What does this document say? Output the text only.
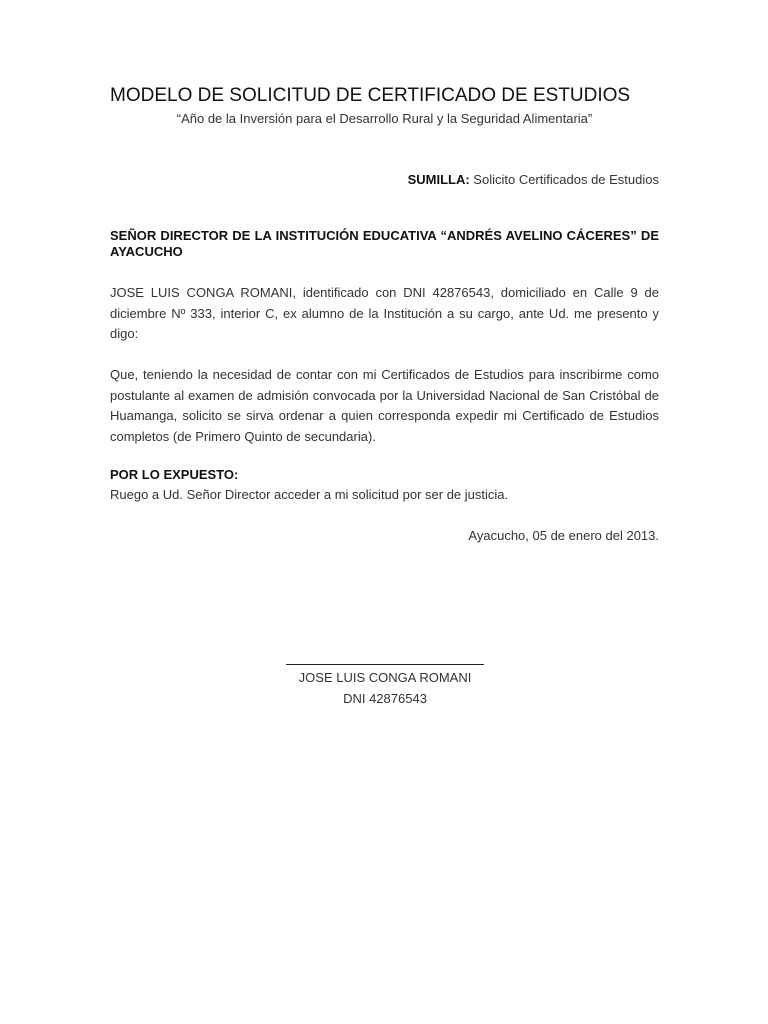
MODELO DE SOLICITUD DE CERTIFICADO DE ESTUDIOS
“Año de la Inversión para el Desarrollo Rural y la Seguridad Alimentaria”
SUMILLA: Solicito Certificados de Estudios
SEÑOR DIRECTOR DE LA INSTITUCIÓN EDUCATIVA “ANDRÉS AVELINO CÁCERES” DE AYACUCHO
JOSE LUIS CONGA ROMANI, identificado con DNI 42876543, domiciliado en Calle 9 de diciembre Nº 333, interior C, ex alumno de la Institución a su cargo, ante Ud. me presento y digo:
Que, teniendo la necesidad de contar con mi Certificados de Estudios para inscribirme como postulante al examen de admisión convocada por la Universidad Nacional de San Cristóbal de Huamanga, solicito se sirva ordenar a quien corresponda expedir mi Certificado de Estudios completos (de Primero Quinto de secundaria).
POR LO EXPUESTO:
Ruego a Ud. Señor Director acceder a mi solicitud por ser de justicia.
Ayacucho, 05 de enero del 2013.
JOSE LUIS CONGA ROMANI
DNI 42876543
